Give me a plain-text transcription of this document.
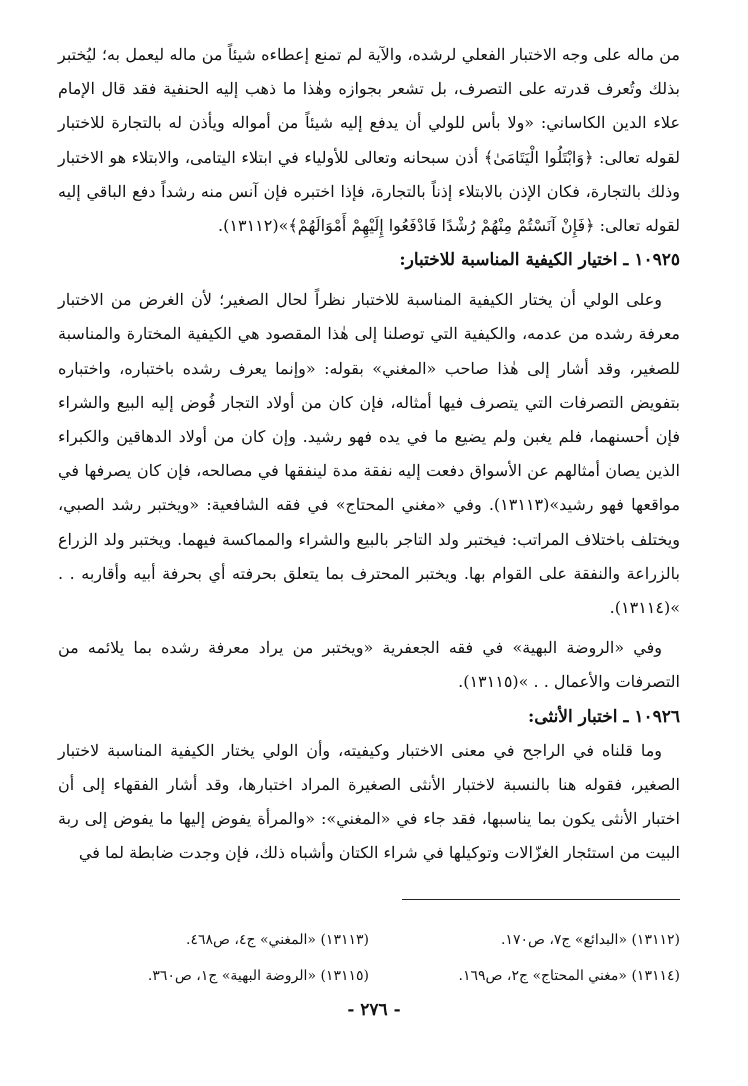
من ماله على وجه الاختبار الفعلي لرشده، والآية لم تمنع إعطاءه شيئاً من ماله ليعمل به؛ ليُختبر بذلك وتُعرف قدرته على التصرف، بل تشعر بجوازه وهٰذا ما ذهب إليه الحنفية فقد قال الإمام علاء الدين الكاساني: «ولا بأس للولي أن يدفع إليه شيئاً من أمواله ويأذن له بالتجارة للاختبار لقوله تعالى: ﴿وَابْتَلُوا الْيَتَامَىٰ﴾ أذن سبحانه وتعالى للأولياء في ابتلاء اليتامى، والابتلاء هو الاختبار وذلك بالتجارة، فكان الإذن بالابتلاء إذناً بالتجارة، فإذا اختبره فإن آنس منه رشداً دفع الباقي إليه لقوله تعالى: ﴿فَإِنْ آنَسْتُمْ مِنْهُمْ رُشْدًا فَادْفَعُوا إِلَيْهِمْ أَمْوَالَهُمْ﴾»(١٣١١٢).

١٠٩٢٥ ـ اختيار الكيفية المناسبة للاختبار:

وعلى الولي أن يختار الكيفية المناسبة للاختبار نظراً لحال الصغير؛ لأن الغرض من الاختبار معرفة رشده من عدمه، والكيفية التي توصلنا إلى هٰذا المقصود هي الكيفية المختارة والمناسبة للصغير، وقد أشار إلى هٰذا صاحب «المغني» بقوله: «وإنما يعرف رشده باختباره، واختباره بتفويض التصرفات التي يتصرف فيها أمثاله، فإن كان من أولاد التجار فُوض إليه البيع والشراء فإن أحسنهما، فلم يغبن ولم يضيع ما في يده فهو رشيد. وإن كان من أولاد الدهاقين والكبراء الذين يصان أمثالهم عن الأسواق دفعت إليه نفقة مدة لينفقها في مصالحه، فإن كان يصرفها في مواقعها فهو رشيد»(١٣١١٣). وفي «مغني المحتاج» في فقه الشافعية: «ويختبر رشد الصبي، ويختلف باختلاف المراتب: فيختبر ولد التاجر بالبيع والشراء والمماكسة فيهما. ويختبر ولد الزراع بالزراعة والنفقة على القوام بها. ويختبر المحترف بما يتعلق بحرفته أي بحرفة أبيه وأقاربه . . »(١٣١١٤).

وفي «الروضة البهية» في فقه الجعفرية «ويختبر من يراد معرفة رشده بما يلائمه من التصرفات والأعمال . . »(١٣١١٥).

١٠٩٢٦ ـ اختبار الأنثى:

وما قلناه في الراجح في معنى الاختبار وكيفيته، وأن الولي يختار الكيفية المناسبة لاختبار الصغير، فقوله هنا بالنسبة لاختبار الأنثى الصغيرة المراد اختبارها، وقد أشار الفقهاء إلى أن اختبار الأنثى يكون بما يناسبها، فقد جاء في «المغني»: «والمرأة يفوض إليها ما يفوض إلى ربة البيت من استئجار الغزّالات وتوكيلها في شراء الكتان وأشباه ذلك، فإن وجدت ضابطة لما في

(١٣١١٢) «البدائع» ج٧، ص١٧٠.
(١٣١١٣) «المغني» ج٤، ص٤٦٨.
(١٣١١٤) «مغني المحتاج» ج٢، ص١٦٩.
(١٣١١٥) «الروضة البهية» ج١، ص٣٦٠.
- ٢٧٦ -
